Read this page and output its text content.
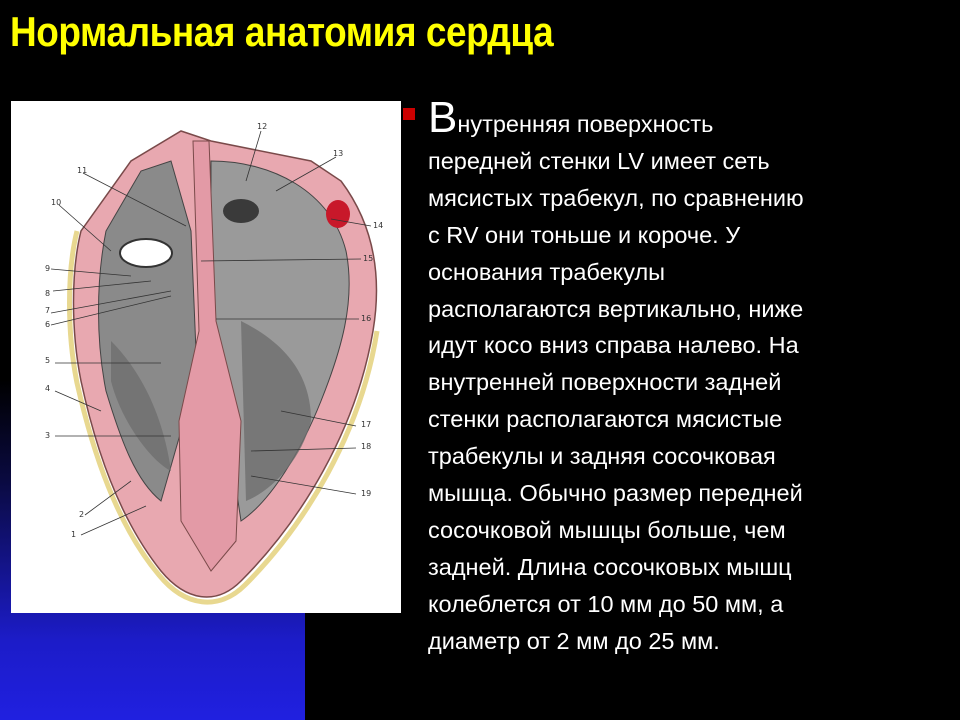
Нормальная анатомия сердца
11
10
9
8
7
6
5
4
3
2
1
12
13
14
15
16
17
18
19

Внутренняя поверхность
передней стенки LV имеет сеть
мясистых трабекул, по сравнению
с RV они тоньше и короче. У
основания трабекулы
располагаются вертикально, ниже
идут косо вниз справа налево. На
внутренней поверхности задней
стенки располагаются мясистые
трабекулы и задняя сосочковая
мышца. Обычно размер передней
сосочковой мышцы больше, чем
задней. Длина сосочковых мышц
колеблется от 10 мм до 50 мм, а
диаметр от 2 мм до 25 мм.
